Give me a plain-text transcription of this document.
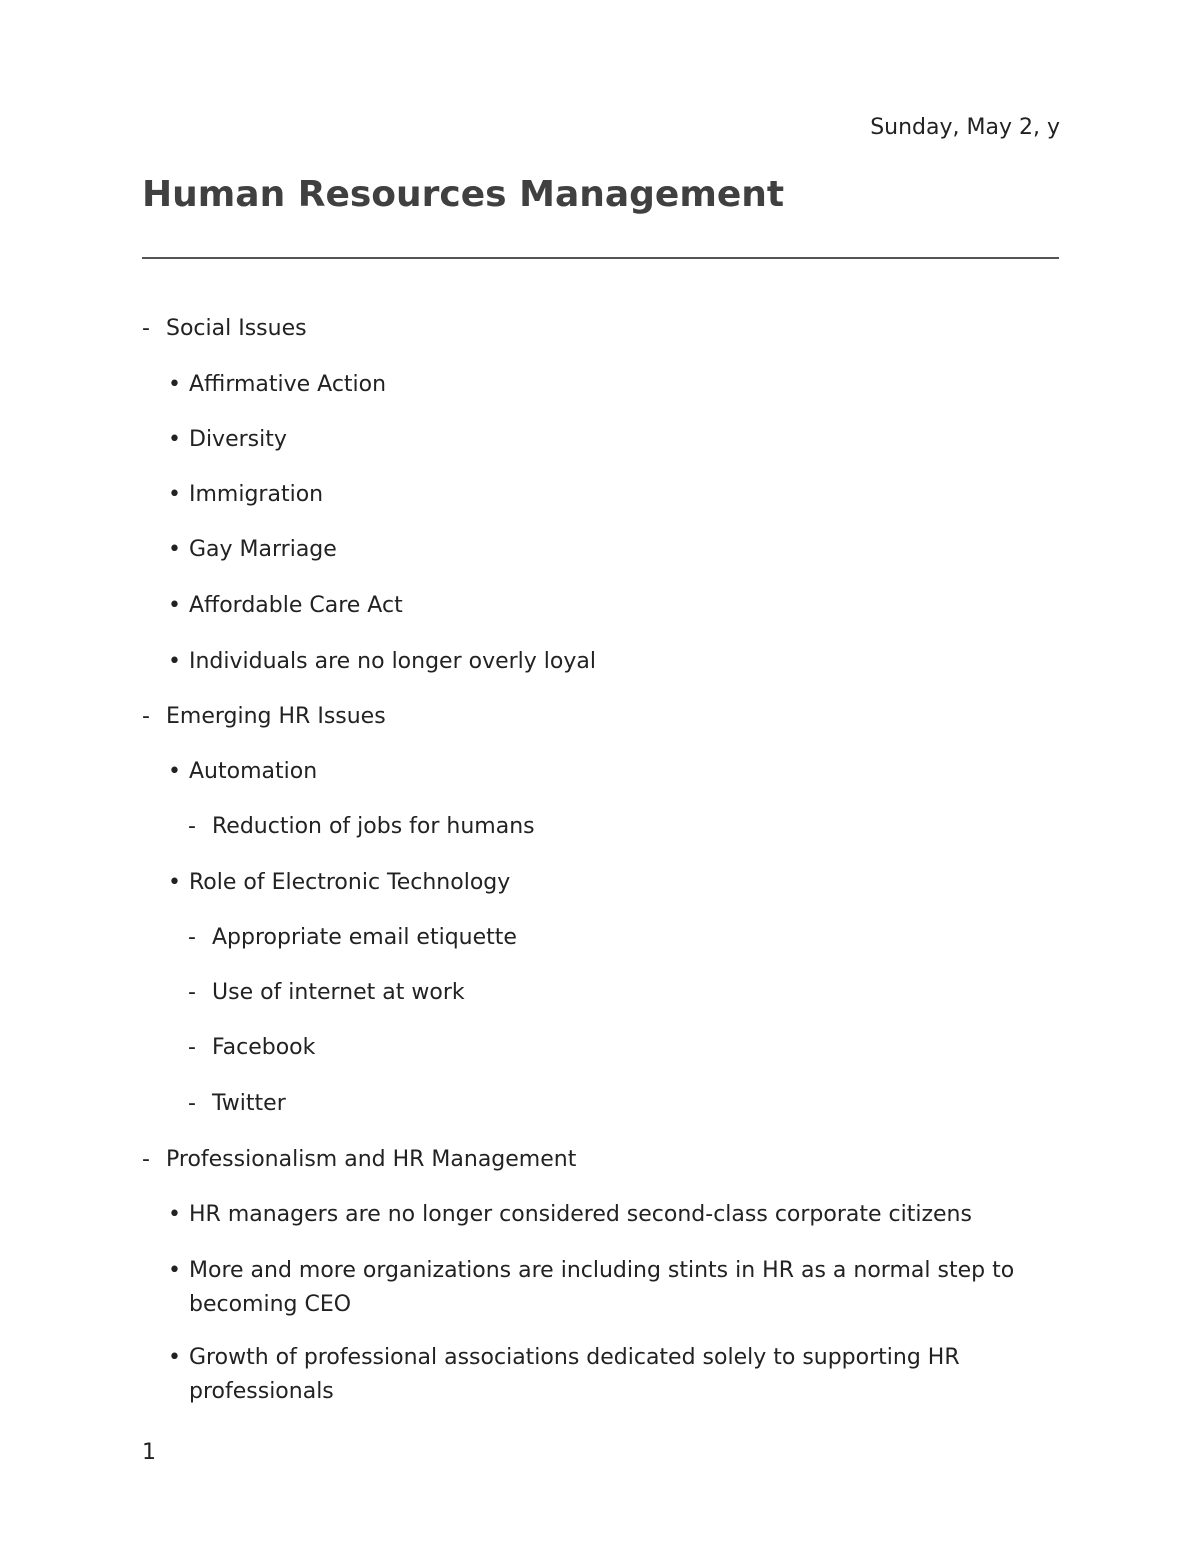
Sunday, May 2, y
Human Resources Management
- Social Issues
• Affirmative Action
• Diversity
• Immigration
• Gay Marriage
• Affordable Care Act
• Individuals are no longer overly loyal
- Emerging HR Issues
• Automation
- Reduction of jobs for humans
• Role of Electronic Technology
- Appropriate email etiquette
- Use of internet at work
- Facebook
- Twitter
- Professionalism and HR Management
• HR managers are no longer considered second-class corporate citizens
• More and more organizations are including stints in HR as a normal step to becoming CEO
• Growth of professional associations dedicated solely to supporting HR professionals
1
